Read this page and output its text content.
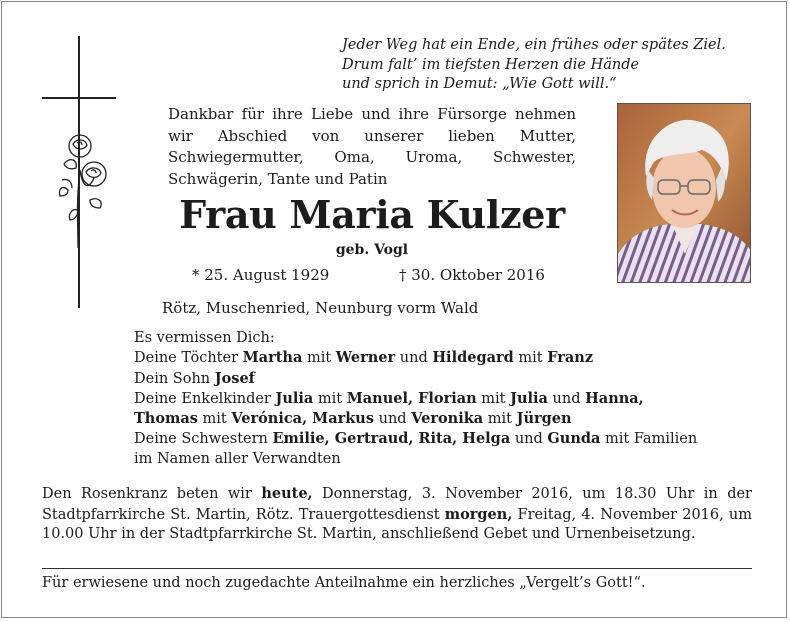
Jeder Weg hat ein Ende, ein frühes oder spätes Ziel.
Drum falt’ im tiefsten Herzen die Hände
und sprich in Demut: „Wie Gott will.“
Dankbar für ihre Liebe und ihre Fürsorge nehmen wir Abschied von unserer lieben Mutter, Schwiegermutter, Oma, Uroma, Schwester, Schwägerin, Tante und Patin
Frau Maria Kulzer
geb. Vogl
* 25. August 1929	† 30. Oktober 2016
Rötz, Muschenried, Neunburg vorm Wald
Es vermissen Dich:
Deine Töchter Martha mit Werner und Hildegard mit Franz
Dein Sohn Josef
Deine Enkelkinder Julia mit Manuel, Florian mit Julia und Hanna,
Thomas mit Verónica, Markus und Veronika mit Jürgen
Deine Schwestern Emilie, Gertraud, Rita, Helga und Gunda mit Familien
im Namen aller Verwandten
Den Rosenkranz beten wir heute, Donnerstag, 3. November 2016, um 18.30 Uhr in der Stadtpfarrkirche St. Martin, Rötz. Trauergottesdienst morgen, Freitag, 4. November 2016, um 10.00 Uhr in der Stadtpfarrkirche St. Martin, anschließend Gebet und Urnenbeisetzung.
Für erwiesene und noch zugedachte Anteilnahme ein herzliches „Vergelt’s Gott!“.
